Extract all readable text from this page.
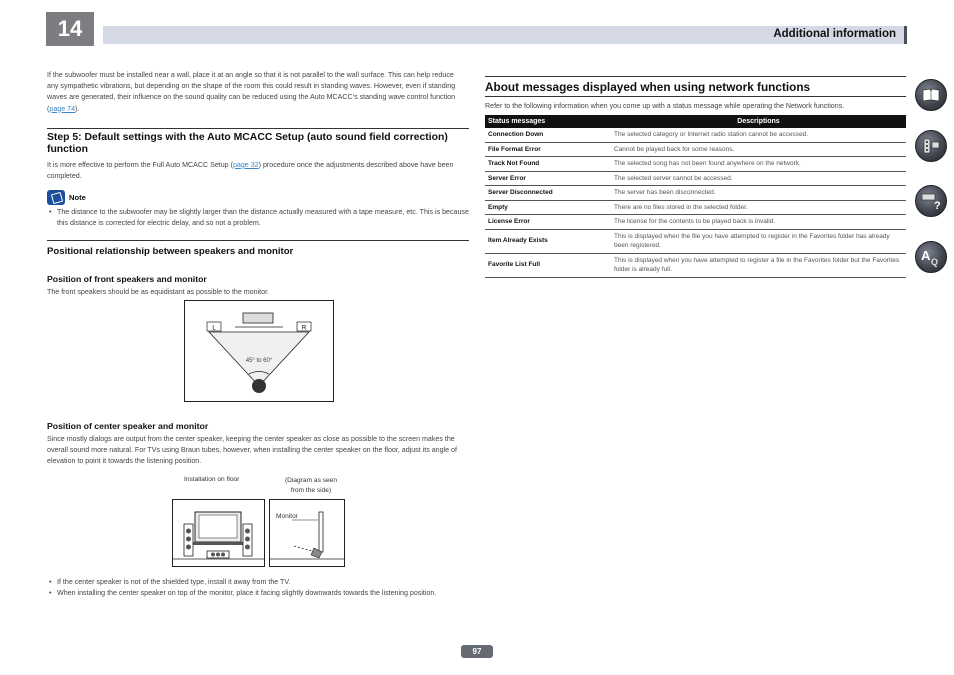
14	Additional information

If the subwoofer must be installed near a wall, place it at an angle so that it is not parallel to the wall surface. This can help reduce any sympathetic vibrations, but depending on the shape of the room this could result in standing waves. However, even if standing waves are generated, their influence on the sound quality can be reduced using the Auto MCACC’s standing wave control function (page 74).

Step 5: Default settings with the Auto MCACC Setup (auto sound field correction) function

It is more effective to perform the Full Auto MCACC Setup (page 32) procedure once the adjustments described above have been completed.

Note
• The distance to the subwoofer may be slightly larger than the distance actually measured with a tape measure, etc. This is because this distance is corrected for electric delay, and so not a problem.
Positional relationship between speakers and monitor
Position of front speakers and monitor

The front speakers should be as equidistant as possible to the monitor.

L	R
45° to 60°
Position of center speaker and monitor

Since mostly dialogs are output from the center speaker, keeping the center speaker as close as possible to the screen makes the overall sound more natural. For TVs using Braun tubes, however, when installing the center speaker on the floor, adjust its angle of elevation to point it towards the listening position.

Installation on floor	(Diagram as seen
from the side)
Monitor
• If the center speaker is not of the shielded type, install it away from the TV.
• When installing the center speaker on top of the monitor, place it facing slightly downwards towards the listening position.
About messages displayed when using network functions

Refer to the following information when you come up with a status message while operating the Network functions.

Status messages	Descriptions
Connection Down	The selected category or Internet radio station cannot be accessed.
File Format Error	Cannot be played back for some reasons.
Track Not Found	The selected song has not been found anywhere on the network.
Server Error	The selected server cannot be accessed.
Server Disconnected	The server has been disconnected.
Empty	There are no files stored in the selected folder.
License Error	The license for the contents to be played back is invalid.
Item Already Exists	This is displayed when the file you have attempted to register in the Favorites folder has already been registered.
Favorite List Full	This is displayed when you have attempted to register a file in the Favorites folder but the Favorites folder is already full.
?
A Q
97
